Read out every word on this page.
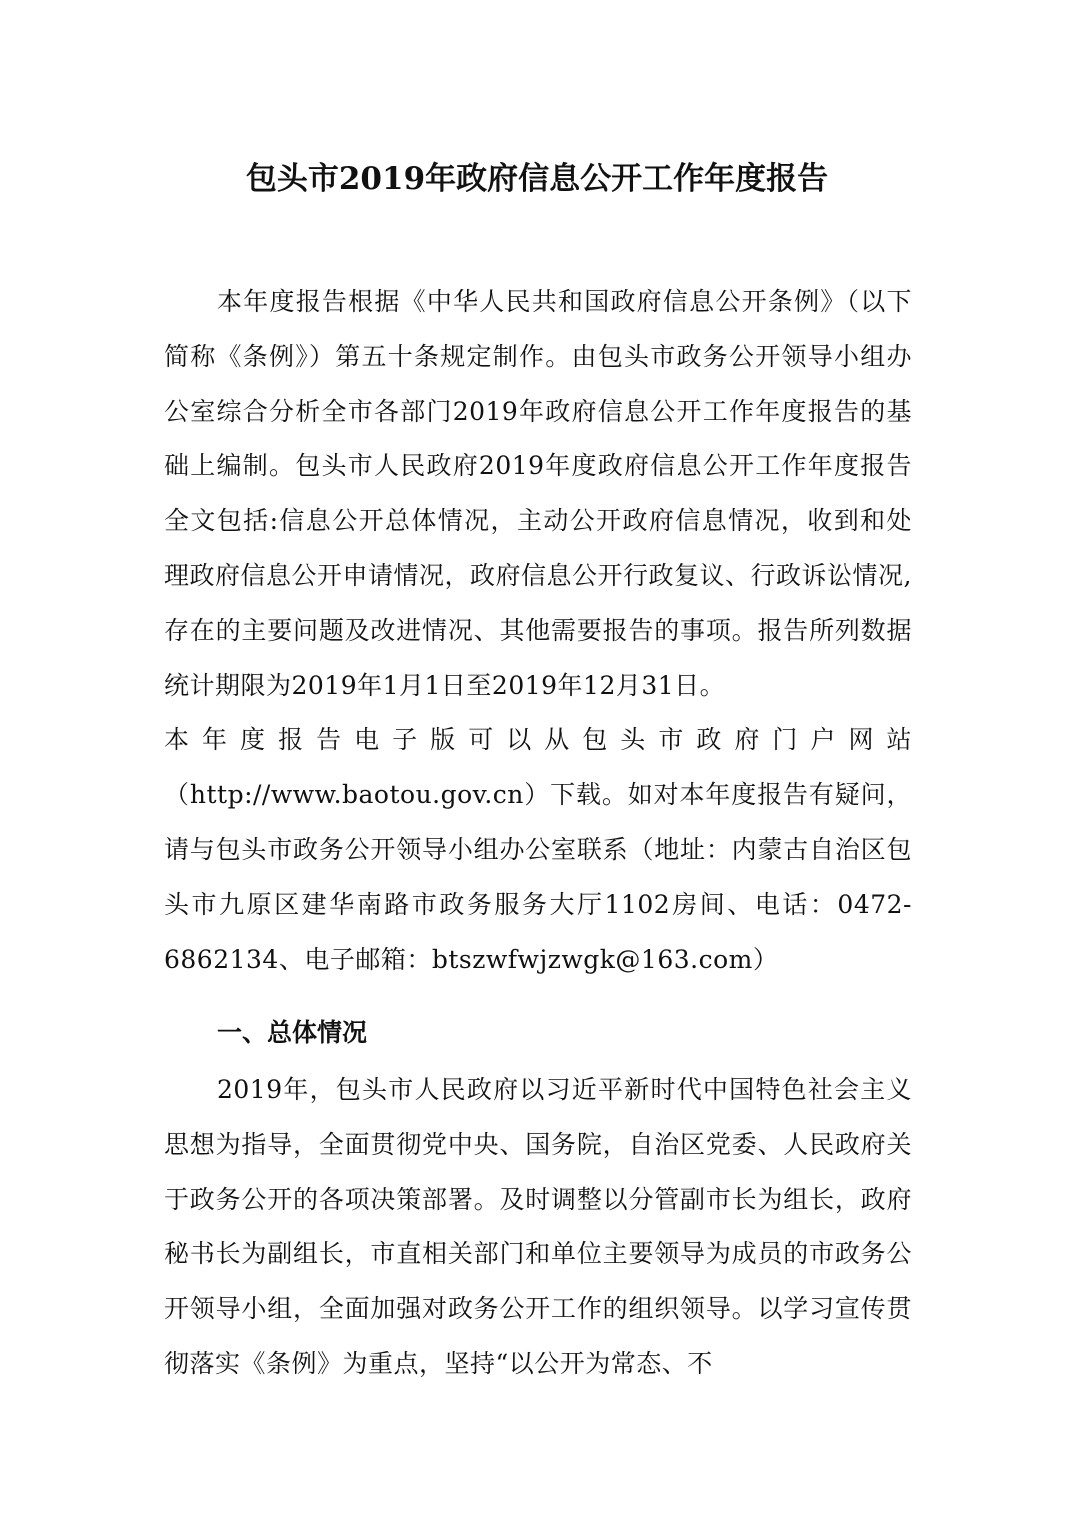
包头市2019年政府信息公开工作年度报告
本年度报告根据《中华人民共和国政府信息公开条例》（以下简称《条例》）第五十条规定制作。由包头市政务公开领导小组办公室综合分析全市各部门2019年政府信息公开工作年度报告的基础上编制。包头市人民政府2019年度政府信息公开工作年度报告全文包括:信息公开总体情况，主动公开政府信息情况，收到和处理政府信息公开申请情况，政府信息公开行政复议、行政诉讼情况,存在的主要问题及改进情况、其他需要报告的事项。报告所列数据统计期限为2019年1月1日至2019年12月31日。
本年度报告电子版可以从包头市政府门户网站
（http://www.baotou.gov.cn）下载。如对本年度报告有疑问，请与包头市政务公开领导小组办公室联系（地址：内蒙古自治区包头市九原区建华南路市政务服务大厅1102房间、电话：0472-6862134、电子邮箱：btszwfwjzwgk@163.com）
一、总体情况

2019年，包头市人民政府以习近平新时代中国特色社会主义思想为指导，全面贯彻党中央、国务院，自治区党委、人民政府关于政务公开的各项决策部署。及时调整以分管副市长为组长，政府秘书长为副组长，市直相关部门和单位主要领导为成员的市政务公开领导小组，全面加强对政务公开工作的组织领导。以学习宣传贯彻落实《条例》为重点，坚持“以公开为常态、不
